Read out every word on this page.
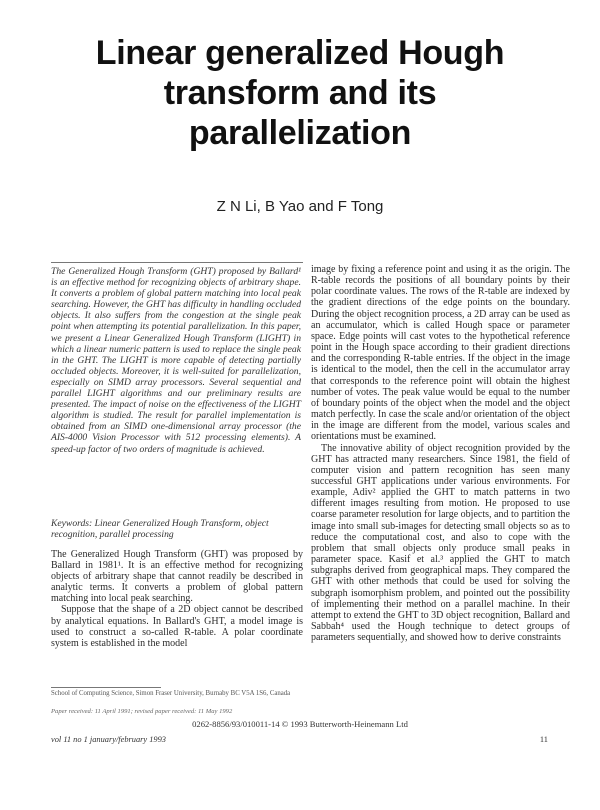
Linear generalized Hough
transform and its
parallelization
Z N Li, B Yao and F Tong
The Generalized Hough Transform (GHT) proposed by Ballard¹ is an effective method for recognizing objects of arbitrary shape. It converts a problem of global pattern matching into local peak searching. However, the GHT has difficulty in handling occluded objects. It also suffers from the congestion at the single peak point when attempting its potential parallelization. In this paper, we present a Linear Generalized Hough Transform (LIGHT) in which a linear numeric pattern is used to replace the single peak in the GHT. The LIGHT is more capable of detecting partially occluded objects. Moreover, it is well-suited for parallelization, especially on SIMD array processors. Several sequential and parallel LIGHT algorithms and our preliminary results are presented. The impact of noise on the effectiveness of the LIGHT algorithm is studied. The result for parallel implementation is obtained from an SIMD one-dimensional array processor (the AIS-4000 Vision Processor with 512 processing elements). A speed-up factor of two orders of magnitude is achieved.
Keywords: Linear Generalized Hough Transform, object recognition, parallel processing

The Generalized Hough Transform (GHT) was proposed by Ballard in 1981¹. It is an effective method for recognizing objects of arbitrary shape that cannot readily be described in analytic terms. It converts a problem of global pattern matching into local peak searching.

Suppose that the shape of a 2D object cannot be described by analytical equations. In Ballard's GHT, a model image is used to construct a so-called R-table. A polar coordinate system is established in the model

School of Computing Science, Simon Fraser University, Burnaby BC V5A 1S6, Canada
Paper received: 11 April 1991; revised paper received: 11 May 1992

image by fixing a reference point and using it as the origin. The R-table records the positions of all boundary points by their polar coordinate values. The rows of the R-table are indexed by the gradient directions of the edge points on the boundary. During the object recognition process, a 2D array can be used as an accumulator, which is called Hough space or parameter space. Edge points will cast votes to the hypothetical reference point in the Hough space according to their gradient directions and the corresponding R-table entries. If the object in the image is identical to the model, then the cell in the accumulator array that corresponds to the reference point will obtain the highest number of votes. The peak value would be equal to the number of boundary points of the object when the model and the object match perfectly. In case the scale and/or orientation of the object in the image are different from the model, various scales and orientations must be examined.

The innovative ability of object recognition provided by the GHT has attracted many researchers. Since 1981, the field of computer vision and pattern recognition has seen many successful GHT applications under various environments. For example, Adiv² applied the GHT to match patterns in two different images resulting from motion. He proposed to use coarse parameter resolution for large objects, and to partition the image into small sub-images for detecting small objects so as to reduce the computational cost, and also to cope with the problem that small objects only produce small peaks in parameter space. Kasif et al.³ applied the GHT to match subgraphs derived from geographical maps. They compared the GHT with other methods that could be used for solving the subgraph isomorphism problem, and pointed out the possibility of implementing their method on a parallel machine. In their attempt to extend the GHT to 3D object recognition, Ballard and Sabbah⁴ used the Hough technique to detect groups of parameters sequentially, and showed how to derive constraints

0262-8856/93/010011-14 © 1993 Butterworth-Heinemann Ltd
vol 11 no 1 january/february 1993	11
